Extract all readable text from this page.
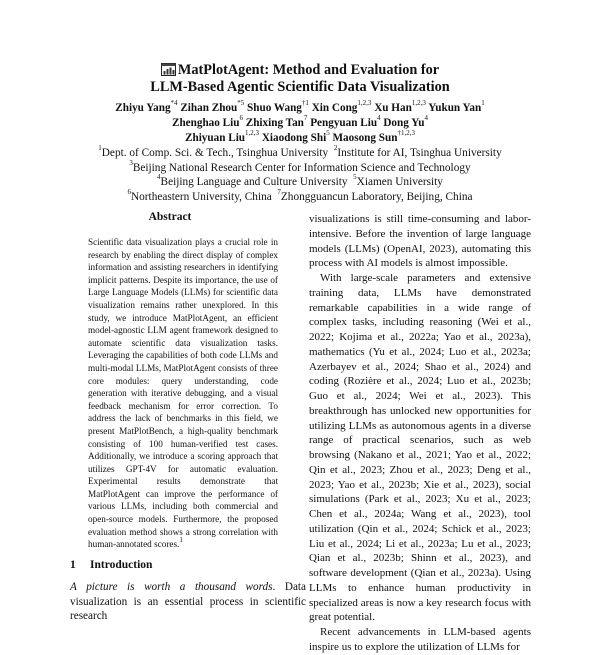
MatPlotAgent: Method and Evaluation for
LLM-Based Agentic Scientific Data Visualization
Zhiyu Yang$^{*4}$ Zihan Zhou$^{*5}$ Shuo Wang$^{\dagger 1}$ Xin Cong$^{1,2,3}$ Xu Han$^{1,2,3}$ Yukun Yan$^1$
Zhenghao Liu$^6$ Zhixing Tan$^7$ Pengyuan Liu$^4$ Dong Yu$^4$
Zhiyuan Liu$^{1,2,3}$ Xiaodong Shi$^5$ Maosong Sun$^{\dagger 1,2,3}$
$^1$Dept. of Comp. Sci. & Tech., Tsinghua University $^2$Institute for AI, Tsinghua University
$^3$Beijing National Research Center for Information Science and Technology
$^4$Beijing Language and Culture University $^5$Xiamen University
$^6$Northeastern University, China $^7$Zhongguancun Laboratory, Beijing, China
Abstract
Scientific data visualization plays a crucial role in research by enabling the direct display of complex information and assisting researchers in identifying implicit patterns. Despite its importance, the use of Large Language Models (LLMs) for scientific data visualization remains rather unexplored. In this study, we introduce MatPlotAgent, an efficient model-agnostic LLM agent framework designed to automate scientific data visualization tasks. Leveraging the capabilities of both code LLMs and multi-modal LLMs, MatPlotAgent consists of three core modules: query understanding, code generation with iterative debugging, and a visual feedback mechanism for error correction. To address the lack of benchmarks in this field, we present MatPlotBench, a high-quality benchmark consisting of 100 human-verified test cases. Additionally, we introduce a scoring approach that utilizes GPT-4V for automatic evaluation. Experimental results demonstrate that MatPlotAgent can improve the performance of various LLMs, including both commercial and open-source models. Furthermore, the proposed evaluation method shows a strong correlation with human-annotated scores.$^1$
1 Introduction
A picture is worth a thousand words. Data visualization is an essential process in scientific research

visualizations is still time-consuming and labor-intensive. Before the invention of large language models (LLMs) (OpenAI, 2023), automating this process with AI models is almost impossible.

With large-scale parameters and extensive training data, LLMs have demonstrated remarkable capabilities in a wide range of complex tasks, including reasoning (Wei et al., 2022; Kojima et al., 2022a; Yao et al., 2023a), mathematics (Yu et al., 2024; Luo et al., 2023a; Azerbayev et al., 2024; Shao et al., 2024) and coding (Rozière et al., 2024; Luo et al., 2023b; Guo et al., 2024; Wei et al., 2023). This breakthrough has unlocked new opportunities for utilizing LLMs as autonomous agents in a diverse range of practical scenarios, such as web browsing (Nakano et al., 2021; Yao et al., 2022; Qin et al., 2023; Zhou et al., 2023; Deng et al., 2023; Yao et al., 2023b; Xie et al., 2023), social simulations (Park et al., 2023; Xu et al., 2023; Chen et al., 2024a; Wang et al., 2023), tool utilization (Qin et al., 2024; Schick et al., 2023; Liu et al., 2024; Li et al., 2023a; Lu et al., 2023; Qian et al., 2023b; Shinn et al., 2023), and software development (Qian et al., 2023a). Using LLMs to enhance human productivity in specialized areas is now a key research focus with great potential.

Recent advancements in LLM-based agents inspire us to explore the utilization of LLMs for
